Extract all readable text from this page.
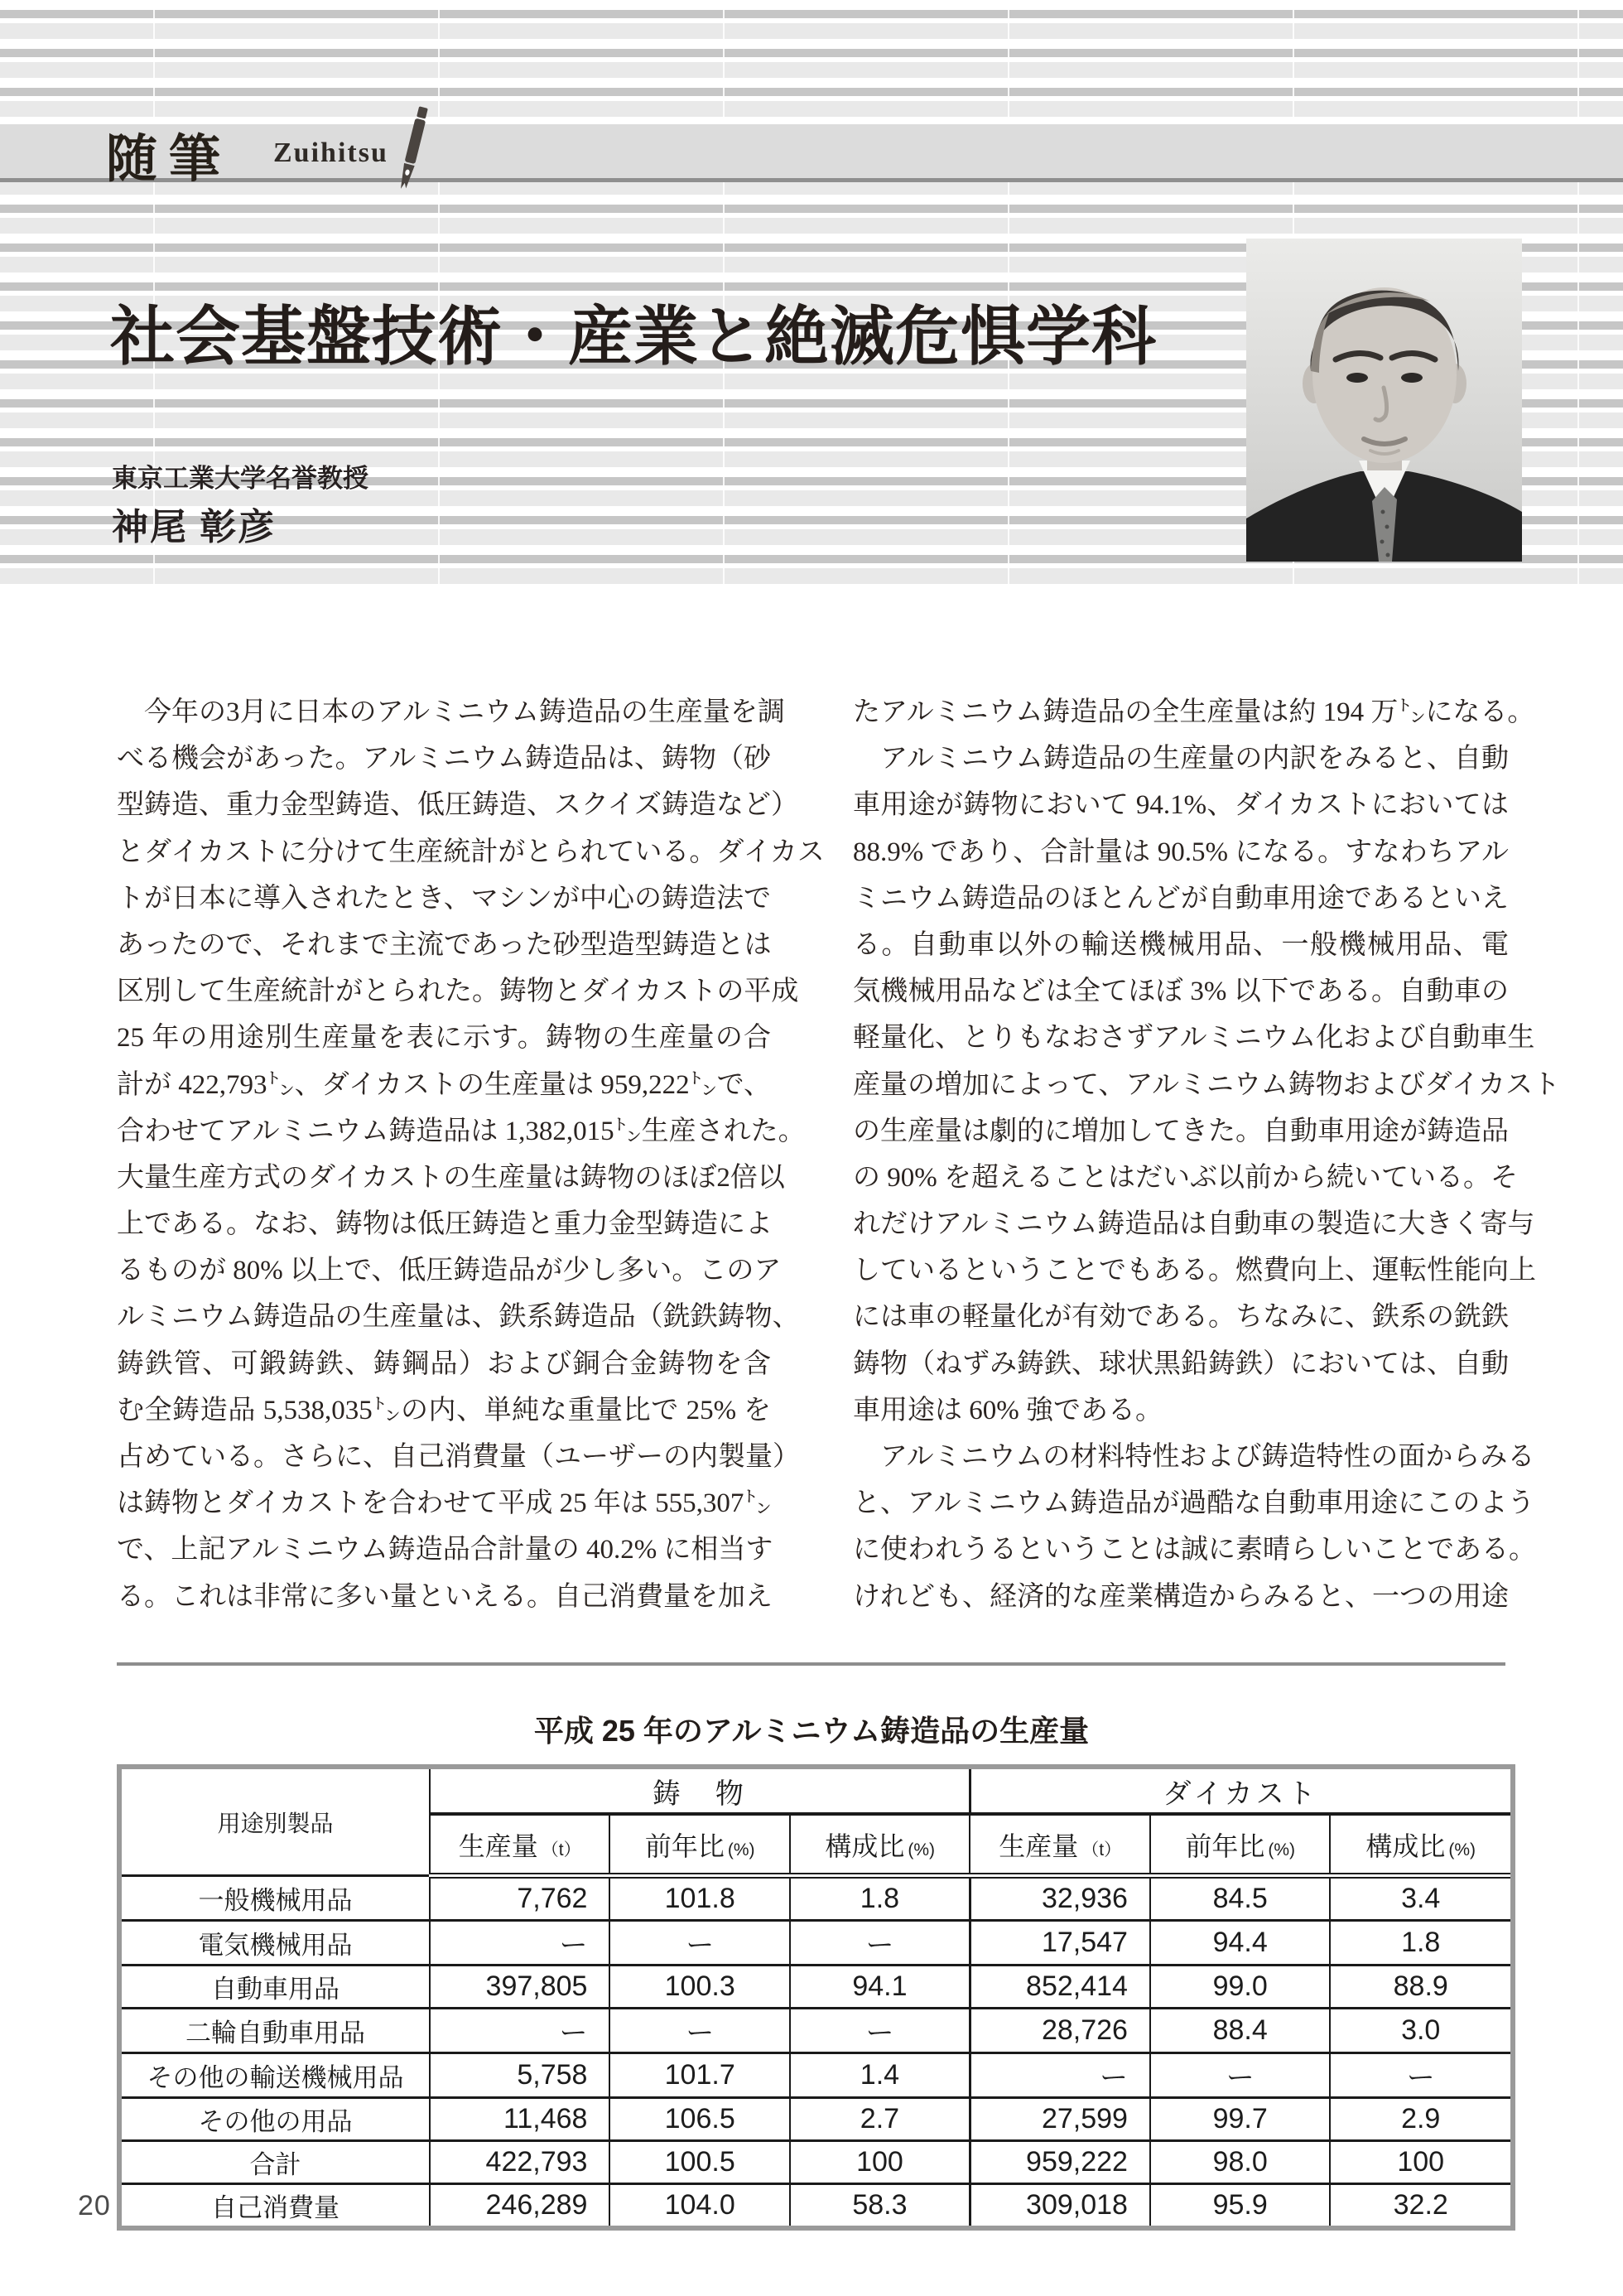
随筆 Zuihitsu
社会基盤技術・産業と絶滅危惧学科
東京工業大学名誉教授
神尾 彰彦
　今年の3月に日本のアルミニウム鋳造品の生産量を調
べる機会があった。アルミニウム鋳造品は、鋳物（砂
型鋳造、重力金型鋳造、低圧鋳造、スクイズ鋳造など）
とダイカストに分けて生産統計がとられている。ダイカス
トが日本に導入されたとき、マシンが中心の鋳造法で
あったので、それまで主流であった砂型造型鋳造とは
区別して生産統計がとられた。鋳物とダイカストの平成
25 年の用途別生産量を表に示す。鋳物の生産量の合
計が 422,793㌧、ダイカストの生産量は 959,222㌧で、
合わせてアルミニウム鋳造品は 1,382,015㌧生産された。
大量生産方式のダイカストの生産量は鋳物のほぼ2倍以
上である。なお、鋳物は低圧鋳造と重力金型鋳造によ
るものが 80% 以上で、低圧鋳造品が少し多い。このア
ルミニウム鋳造品の生産量は、鉄系鋳造品（銑鉄鋳物、
鋳鉄管、可鍛鋳鉄、鋳鋼品）および銅合金鋳物を含
む全鋳造品 5,538,035㌧の内、単純な重量比で 25% を
占めている。さらに、自己消費量（ユーザーの内製量）
は鋳物とダイカストを合わせて平成 25 年は 555,307㌧
で、上記アルミニウム鋳造品合計量の 40.2% に相当す
る。これは非常に多い量といえる。自己消費量を加え
たアルミニウム鋳造品の全生産量は約 194 万㌧になる。
　アルミニウム鋳造品の生産量の内訳をみると、自動
車用途が鋳物において 94.1%、ダイカストにおいては
88.9% であり、合計量は 90.5% になる。すなわちアル
ミニウム鋳造品のほとんどが自動車用途であるといえ
る。自動車以外の輸送機械用品、一般機械用品、電
気機械用品などは全てほぼ 3% 以下である。自動車の
軽量化、とりもなおさずアルミニウム化および自動車生
産量の増加によって、アルミニウム鋳物およびダイカスト
の生産量は劇的に増加してきた。自動車用途が鋳造品
の 90% を超えることはだいぶ以前から続いている。そ
れだけアルミニウム鋳造品は自動車の製造に大きく寄与
しているということでもある。燃費向上、運転性能向上
には車の軽量化が有効である。ちなみに、鉄系の銑鉄
鋳物（ねずみ鋳鉄、球状黒鉛鋳鉄）においては、自動
車用途は 60% 強である。
　アルミニウムの材料特性および鋳造特性の面からみる
と、アルミニウム鋳造品が過酷な自動車用途にこのよう
に使われうるということは誠に素晴らしいことである。
けれども、経済的な産業構造からみると、一つの用途
平成 25 年のアルミニウム鋳造品の生産量
用途別製品	鋳　物			ダイカスト		
	生産量 （t）	前年比 (%)	構成比 (%)	生産量 （t）	前年比 (%)	構成比 (%)
一般機械用品	7,762	101.8	1.8	32,936	84.5	3.4
電気機械用品	ー	ー	ー	17,547	94.4	1.8
自動車用品	397,805	100.3	94.1	852,414	99.0	88.9
二輪自動車用品	ー	ー	ー	28,726	88.4	3.0
その他の輸送機械用品	5,758	101.7	1.4	ー	ー	ー
その他の用品	11,468	106.5	2.7	27,599	99.7	2.9
合計	422,793	100.5	100	959,222	98.0	100
自己消費量	246,289	104.0	58.3	309,018	95.9	32.2
20
